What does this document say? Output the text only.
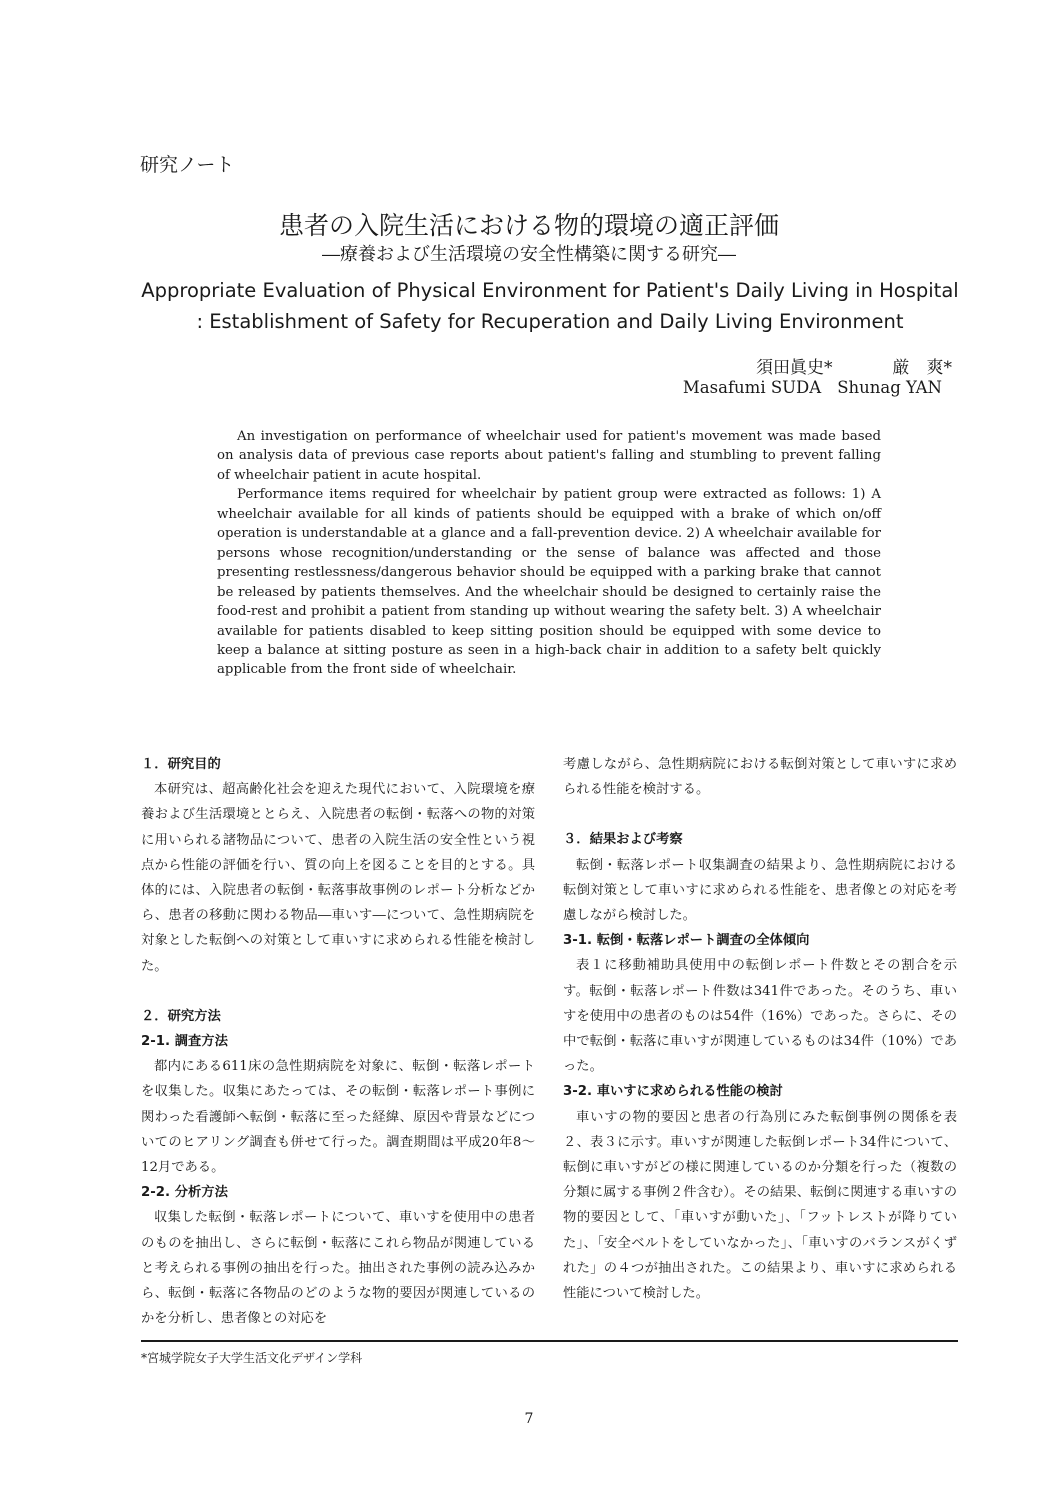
研究ノート
患者の入院生活における物的環境の適正評価
―療養および生活環境の安全性構築に関する研究―
Appropriate Evaluation of Physical Environment for Patient's Daily Living in Hospital
: Establishment of Safety for Recuperation and Daily Living Environment
須田眞史*	厳　爽*
Masafumi SUDA Shunag YAN

An investigation on performance of wheelchair used for patient's movement was made based on analysis data of previous case reports about patient's falling and stumbling to prevent falling of wheelchair patient in acute hospital.

Performance items required for wheelchair by patient group were extracted as follows: 1) A wheelchair available for all kinds of patients should be equipped with a brake of which on/off operation is understandable at a glance and a fall-prevention device. 2) A wheelchair available for persons whose recognition/understanding or the sense of balance was affected and those presenting restlessness/dangerous behavior should be equipped with a parking brake that cannot be released by patients themselves. And the wheelchair should be designed to certainly raise the food-rest and prohibit a patient from standing up without wearing the safety belt. 3) A wheelchair available for patients disabled to keep sitting position should be equipped with some device to keep a balance at sitting posture as seen in a high-back chair in addition to a safety belt quickly applicable from the front side of wheelchair.

１．研究目的

本研究は、超高齢化社会を迎えた現代において、入院環境を療養および生活環境ととらえ、入院患者の転倒・転落への物的対策に用いられる諸物品について、患者の入院生活の安全性という視点から性能の評価を行い、質の向上を図ることを目的とする。具体的には、入院患者の転倒・転落事故事例のレポート分析などから、患者の移動に関わる物品―車いす―について、急性期病院を対象とした転倒への対策として車いすに求められる性能を検討した。

２．研究方法
2-1. 調査方法

都内にある611床の急性期病院を対象に、転倒・転落レポートを収集した。収集にあたっては、その転倒・転落レポート事例に関わった看護師へ転倒・転落に至った経緯、原因や背景などについてのヒアリング調査も併せて行った。調査期間は平成20年8～12月である。

2-2. 分析方法

収集した転倒・転落レポートについて、車いすを使用中の患者のものを抽出し、さらに転倒・転落にこれら物品が関連していると考えられる事例の抽出を行った。抽出された事例の読み込みから、転倒・転落に各物品のどのような物的要因が関連しているのかを分析し、患者像との対応を

考慮しながら、急性期病院における転倒対策として車いすに求められる性能を検討する。

３．結果および考察

転倒・転落レポート収集調査の結果より、急性期病院における転倒対策として車いすに求められる性能を、患者像との対応を考慮しながら検討した。

3-1. 転倒・転落レポート調査の全体傾向

表１に移動補助具使用中の転倒レポート件数とその割合を示す。転倒・転落レポート件数は341件であった。そのうち、車いすを使用中の患者のものは54件（16%）であった。さらに、その中で転倒・転落に車いすが関連しているものは34件（10%）であった。

3-2. 車いすに求められる性能の検討

車いすの物的要因と患者の行為別にみた転倒事例の関係を表２、表３に示す。車いすが関連した転倒レポート34件について、転倒に車いすがどの様に関連しているのか分類を行った（複数の分類に属する事例２件含む）。その結果、転倒に関連する車いすの物的要因として、「車いすが動いた」、「フットレストが降りていた」、「安全ベルトをしていなかった」、「車いすのバランスがくずれた」の４つが抽出された。この結果より、車いすに求められる性能について検討した。

*宮城学院女子大学生活文化デザイン学科
7
